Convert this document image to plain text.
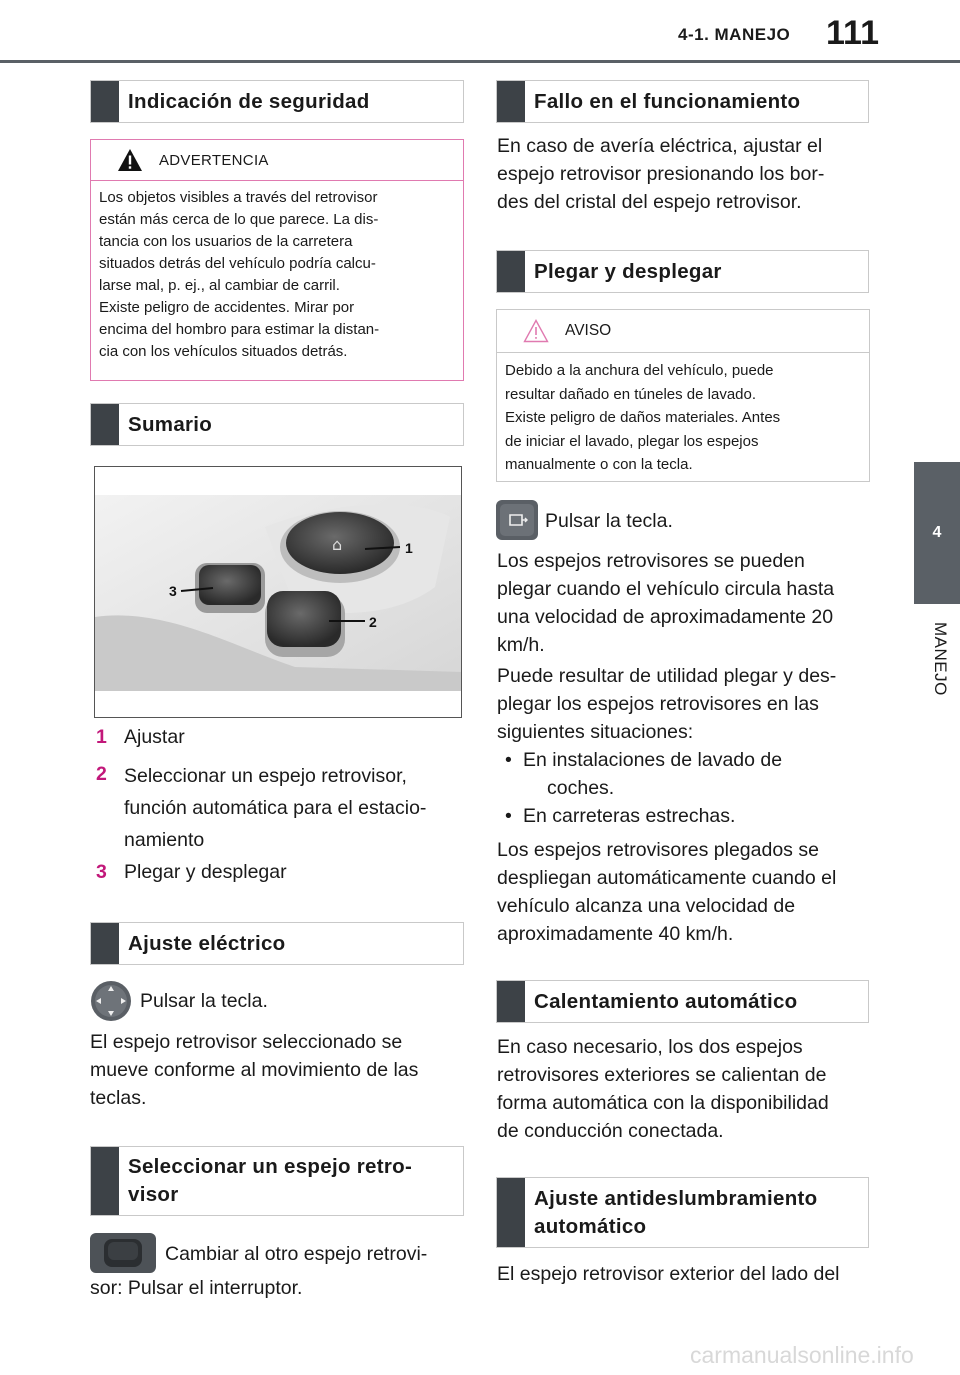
4-1. MANEJO 111
4
MANEJO
Indicación de seguridad
ADVERTENCIA
Los objetos visibles a través del retrovisor
están más cerca de lo que parece. La dis-
tancia con los usuarios de la carretera
situados detrás del vehículo podría calcu-
larse mal, p. ej., al cambiar de carril.
Existe peligro de accidentes. Mirar por
encima del hombro para estimar la distan-
cia con los vehículos situados detrás.
Sumario
⌂	1
2
3
1 Ajustar
2 Seleccionar un espejo retrovisor,
función automática para el estacio-
namiento
3 Plegar y desplegar
Ajuste eléctrico
Pulsar la tecla.
El espejo retrovisor seleccionado se
mueve conforme al movimiento de las
teclas.
Seleccionar un espejo retro-
visor
Cambiar al otro espejo retrovi-
sor: Pulsar el interruptor.
Fallo en el funcionamiento
En caso de avería eléctrica, ajustar el
espejo retrovisor presionando los bor-
des del cristal del espejo retrovisor.
Plegar y desplegar
AVISO
Debido a la anchura del vehículo, puede
resultar dañado en túneles de lavado.
Existe peligro de daños materiales. Antes
de iniciar el lavado, plegar los espejos
manualmente o con la tecla.
Pulsar la tecla.
Los espejos retrovisores se pueden
plegar cuando el vehículo circula hasta
una velocidad de aproximadamente 20
km/h.
Puede resultar de utilidad plegar y des-
plegar los espejos retrovisores en las
siguientes situaciones:
• En instalaciones de lavado de
coches.
• En carreteras estrechas.
Los espejos retrovisores plegados se
despliegan automáticamente cuando el
vehículo alcanza una velocidad de
aproximadamente 40 km/h.
Calentamiento automático
En caso necesario, los dos espejos
retrovisores exteriores se calientan de
forma automática con la disponibilidad
de conducción conectada.
Ajuste antideslumbramiento
automático
El espejo retrovisor exterior del lado del
carmanualsonline.info
